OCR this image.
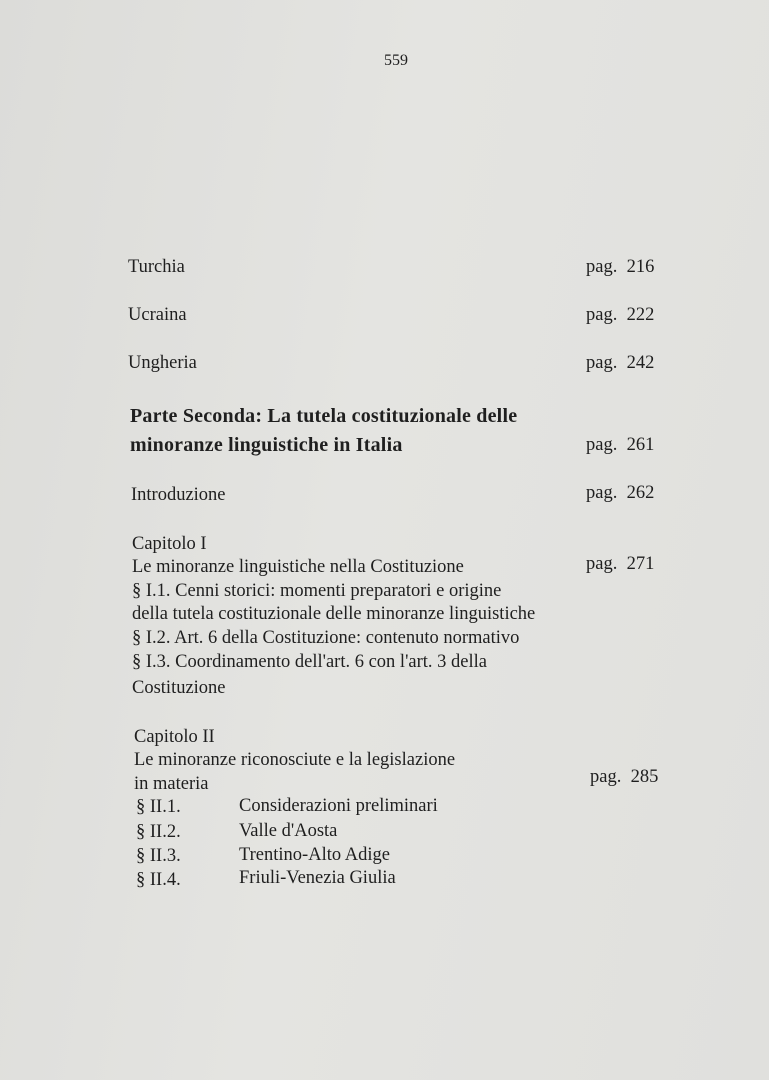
559
Turchia	pag. 216
Ucraina	pag. 222
Ungheria	pag. 242
Parte Seconda: La tutela costituzionale delle
minoranze linguistiche in Italia	pag. 261
Introduzione	pag. 262
Capitolo I
Le minoranze linguistiche nella Costituzione	pag. 271
§ I.1. Cenni storici: momenti preparatori e origine
della tutela costituzionale delle minoranze linguistiche
§ I.2. Art. 6 della Costituzione: contenuto normativo
§ I.3. Coordinamento dell'art. 6 con l'art. 3 della
Costituzione
Capitolo II
Le minoranze riconosciute e la legislazione
in materia	pag. 285
§ II.1.	Considerazioni preliminari
§ II.2.	Valle d'Aosta
§ II.3.	Trentino-Alto Adige
§ II.4.	Friuli-Venezia Giulia
